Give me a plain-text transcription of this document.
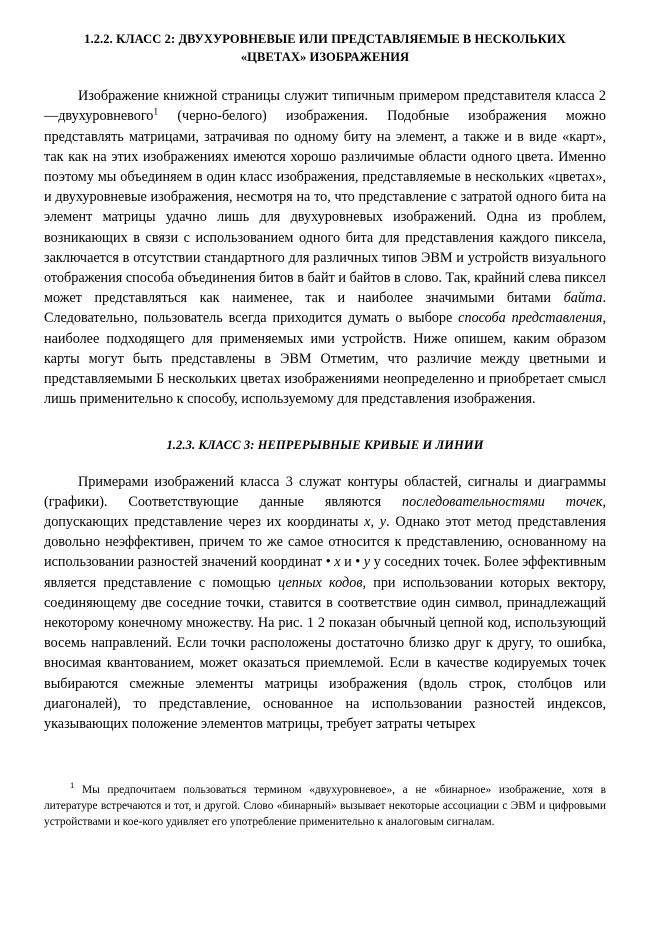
1.2.2. КЛАСС 2: ДВУХУРОВНЕВЫЕ ИЛИ ПРЕДСТАВЛЯЕМЫЕ В НЕСКОЛЬКИХ «ЦВЕТАХ» ИЗОБРАЖЕНИЯ

Изображение книжной страницы служит типичным примером представителя класса 2—двухуровневого$^1$ (черно-белого) изображения. Подобные изображения можно представлять матрицами, затрачивая по одному биту на элемент, а также и в виде «карт», так как на этих изображениях имеются хорошо различимые области одного цвета. Именно поэтому мы объединяем в один класс изображения, представляемые в нескольких «цветах», и двухуровневые изображения, несмотря на то, что представление с затратой одного бита на элемент матрицы удачно лишь для двухуровневых изображений. Одна из проблем, возникающих в связи с использованием одного бита для представления каждого пиксела, заключается в отсутствии стандартного для различных типов ЭВМ и устройств визуального отображения способа объединения битов в байт и байтов в слово. Так, крайний слева пиксел может представляться как наименее, так и наиболее значимыми битами байта. Следовательно, пользователь всегда приходится думать о выборе способа представления, наиболее подходящего для применяемых ими устройств. Ниже опишем, каким образом карты могут быть представлены в ЭВМ Отметим, что различие между цветными и представляемыми Б нескольких цветах изображениями неопределенно и приобретает смысл лишь применительно к способу, используемому для представления изображения.

1.2.3. КЛАСС 3: НЕПРЕРЫВНЫЕ КРИВЫЕ И ЛИНИИ

Примерами изображений класса 3 служат контуры областей, сигналы и диаграммы (графики). Соответствующие данные являются последовательностями точек, допускающих представление через их координаты x, y. Однако этот метод представления довольно неэффективен, причем то же самое относится к представлению, основанному на использовании разностей значений координат • x и • y у соседних точек. Более эффективным является представление с помощью цепных кодов, при использовании которых вектору, соединяющему две соседние точки, ставится в соответствие один символ, принадлежащий некоторому конечному множеству. На рис. 1 2 показан обычный цепной код, использующий восемь направлений. Если точки расположены достаточно близко друг к другу, то ошибка, вносимая квантованием, может оказаться приемлемой. Если в качестве кодируемых точек выбираются смежные элементы матрицы изображения (вдоль строк, столбцов или диагоналей), то представление, основанное на использовании разностей индексов, указывающих положение элементов матрицы, требует затраты четырех

$^1$ Мы предпочитаем пользоваться термином «двухуровневое», а не «бинарное» изображение, хотя в литературе встречаются и тот, и другой. Слово «бинарный» вызывает некоторые ассоциации с ЭВМ и цифровыми устройствами и кое-кого удивляет его употребление применительно к аналоговым сигналам.
